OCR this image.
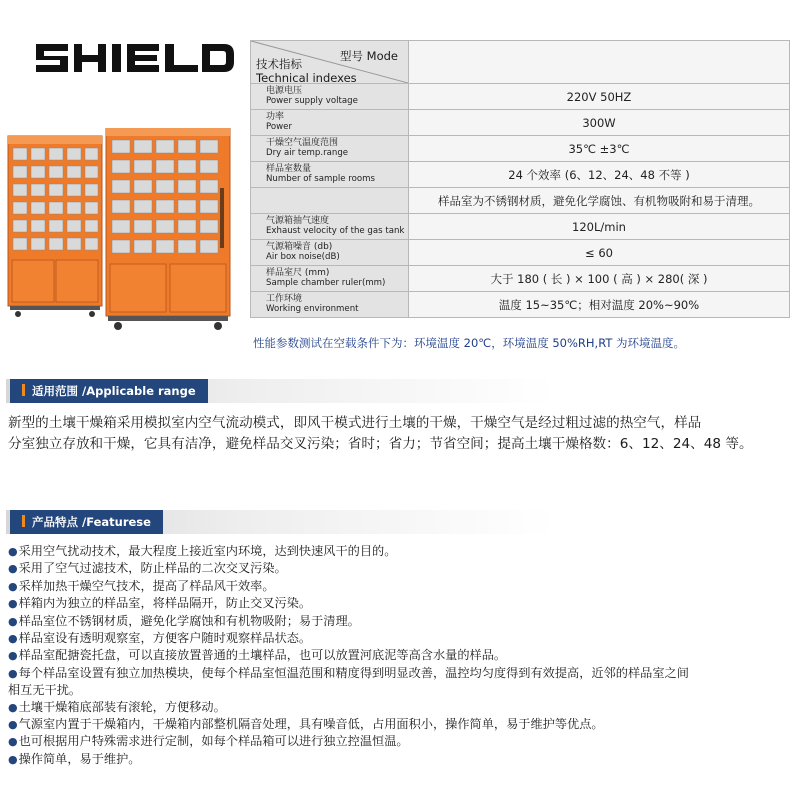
型号 Mode
技术指标
Technical indexes	

电源电压
Power supply voltage	220V 50HZ

功率
Power	300W

干燥空气温度范围
Dry air temp.range	35℃ ±3℃

样品室数量
Number of sample rooms	24 个效率 (6、12、24、48 不等 )

	样品室为不锈钢材质，避免化学腐蚀、有机物吸附和易于清理。

气源箱抽气速度
Exhaust velocity of the gas tank	120L/min

气源箱噪音 (db)
Air box noise(dB)	≤ 60

样品室尺 (mm)
Sample chamber ruler(mm)	大于 180 ( 长 ) × 100 ( 高 ) × 280( 深 )

工作环境
Working environment	温度 15~35℃；相对温度 20%~90%
性能参数测试在空载条件下为：环境温度 20℃，环境温度 50%RH,RT 为环境温度。
适用范围 /Applicable range
新型的土壤干燥箱采用模拟室内空气流动模式，即风干模式进行土壤的干燥，干燥空气是经过粗过滤的热空气，样品
分室独立存放和干燥，它具有洁净，避免样品交叉污染；省时；省力；节省空间；提高土壤干燥格数：6、12、24、48 等。
产品特点 /Featurese
●采用空气扰动技术，最大程度上接近室内环境，达到快速风干的目的。
●采用了空气过滤技术，防止样品的二次交叉污染。
●采样加热干燥空气技术，提高了样品风干效率。
●样箱内为独立的样品室，将样品隔开，防止交叉污染。
●样品室位不锈钢材质，避免化学腐蚀和有机物吸附；易于清理。
●样品室设有透明观察室，方便客户随时观察样品状态。
●样品室配搪瓷托盘，可以直接放置普通的土壤样品，也可以放置河底泥等高含水量的样品。
●每个样品室设置有独立加热模块，使每个样品室恒温范围和精度得到明显改善，温控均匀度得到有效提高，近邻的样品室之间
相互无干扰。
●土壤干燥箱底部装有滚轮，方便移动。
●气源室内置于干燥箱内，干燥箱内部整机隔音处理，具有噪音低，占用面积小，操作简单，易于维护等优点。
●也可根据用户特殊需求进行定制，如每个样品箱可以进行独立控温恒温。
●操作简单，易于维护。
